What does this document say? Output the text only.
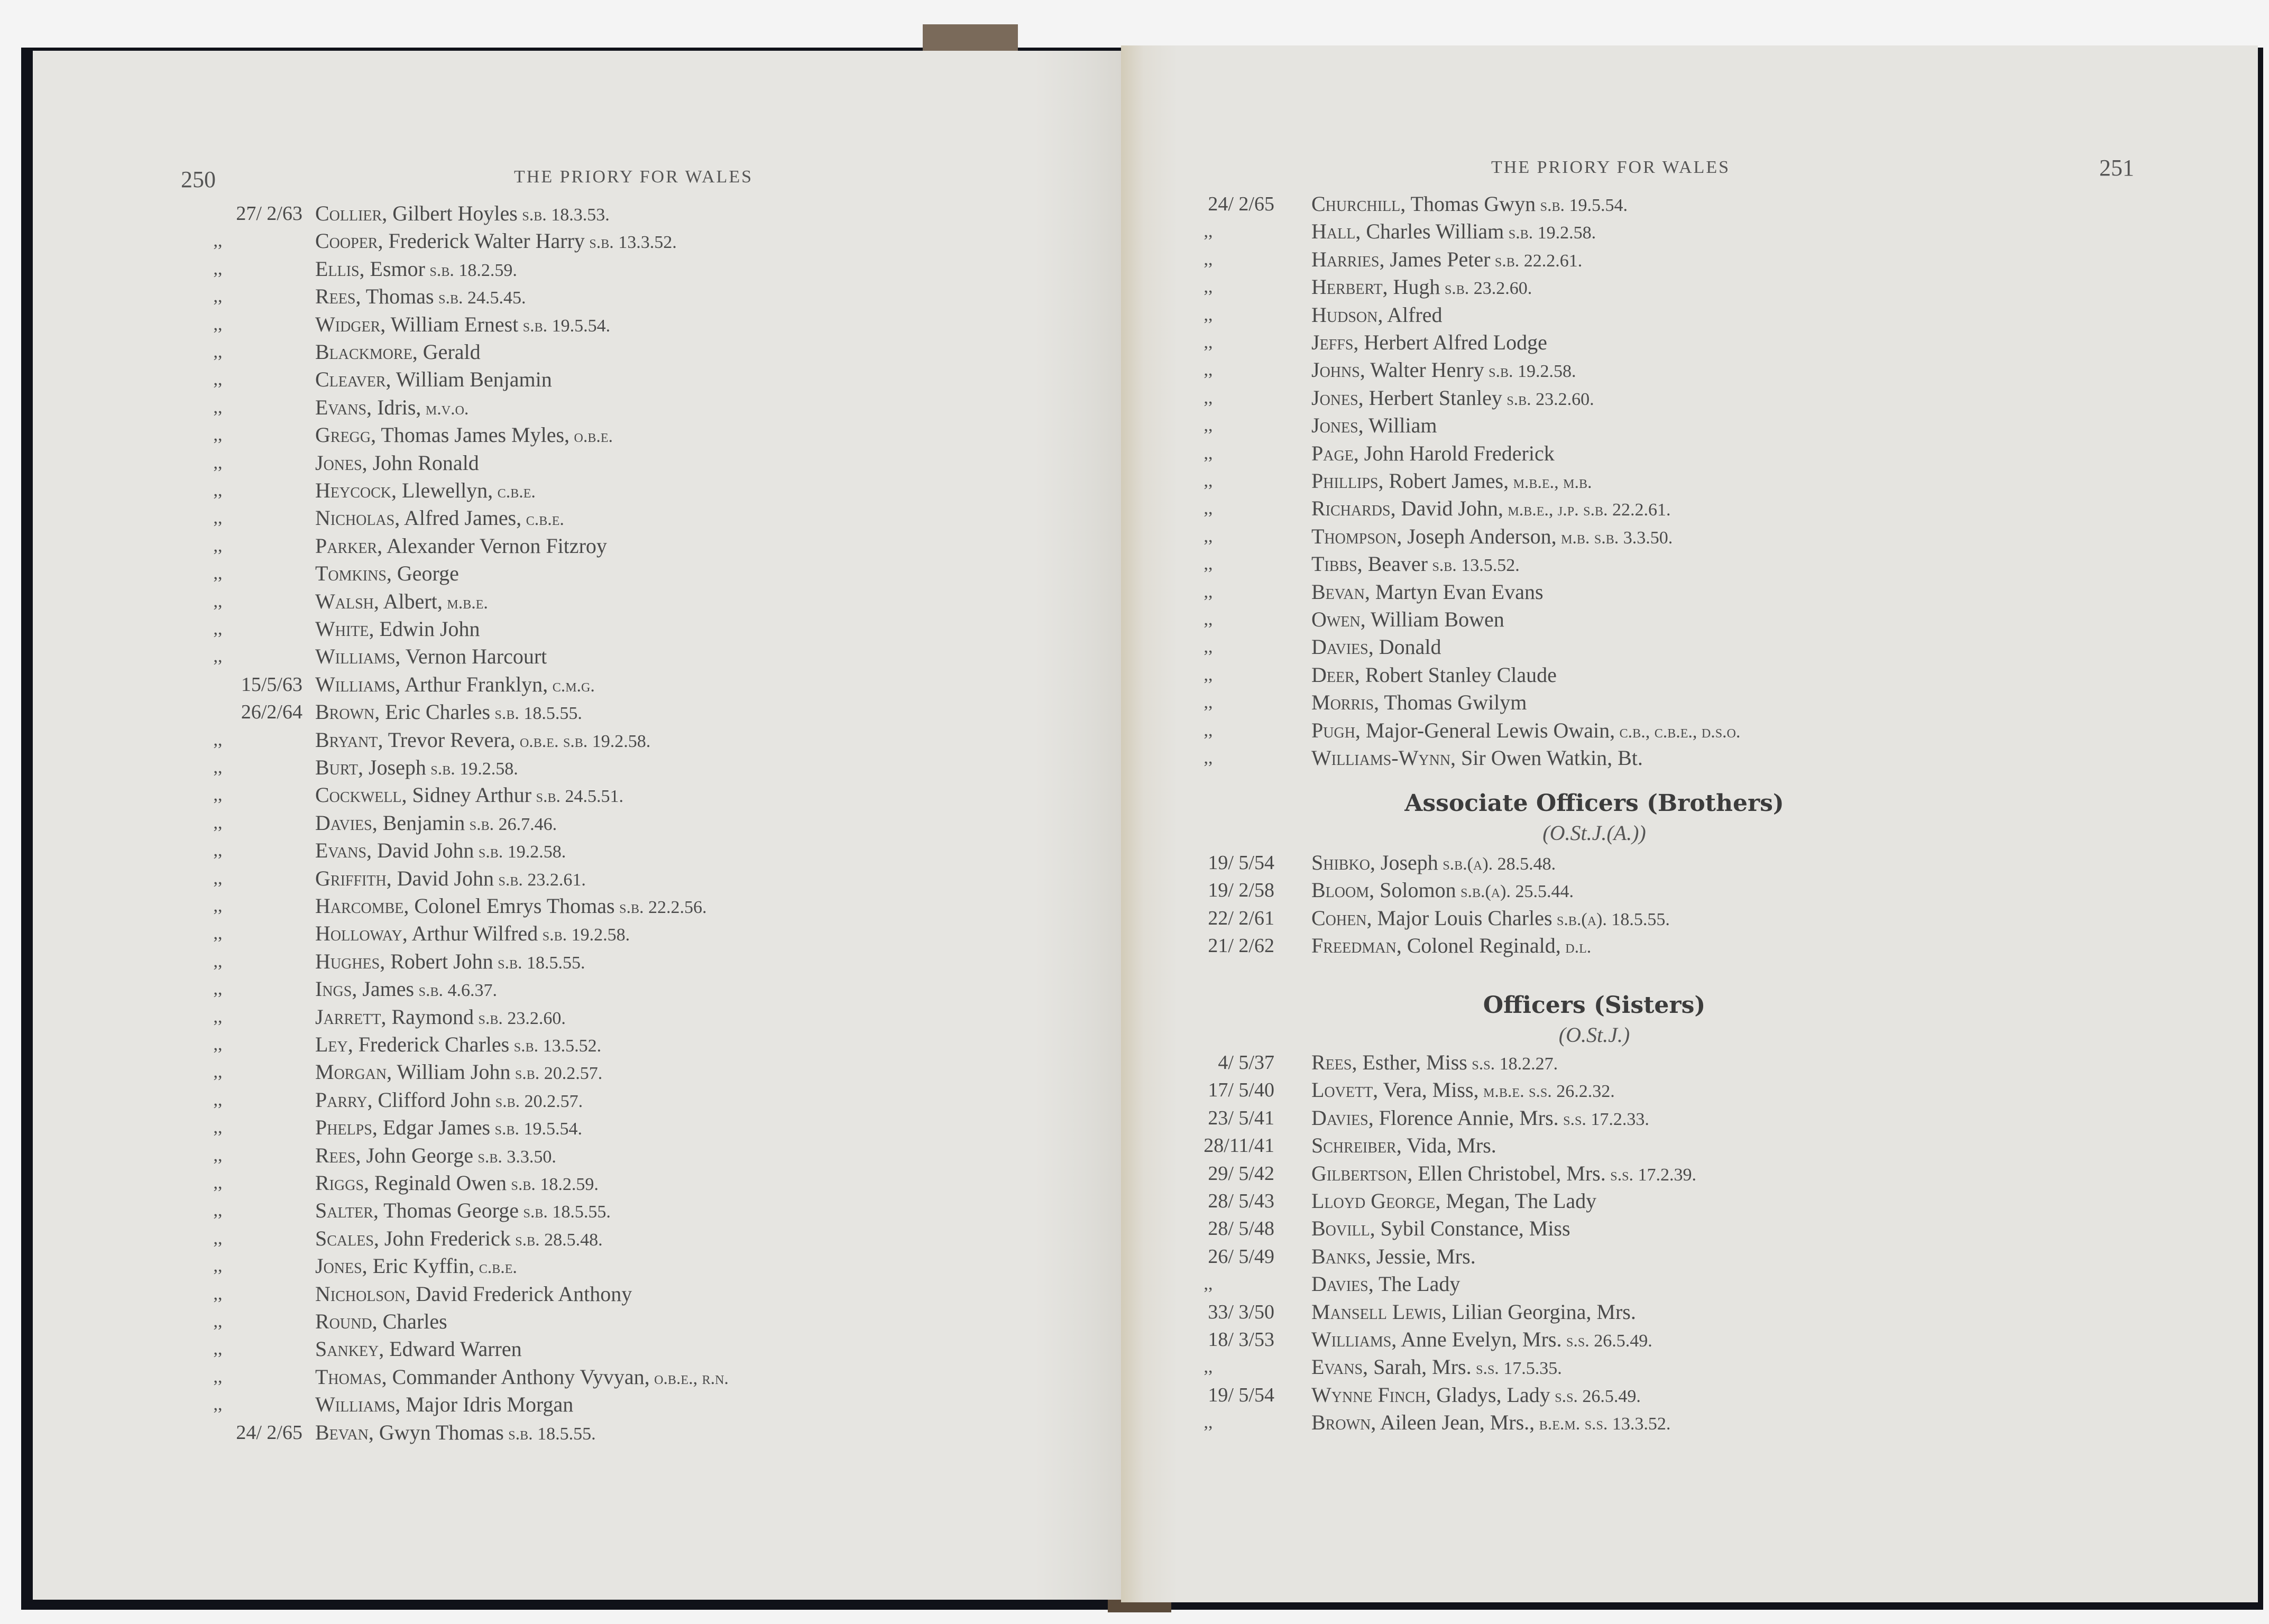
250	THE PRIORY FOR WALES
27/ 2/63 Collier, Gilbert Hoyles s.b. 18.3.53.
,,	Cooper, Frederick Walter Harry s.b. 13.3.52.
,,	Ellis, Esmor s.b. 18.2.59.
,,	Rees, Thomas s.b. 24.5.45.
,,	Widger, William Ernest s.b. 19.5.54.
,,	Blackmore, Gerald
,,	Cleaver, William Benjamin
,,	Evans, Idris, m.v.o.
,,	Gregg, Thomas James Myles, o.b.e.
,,	Jones, John Ronald
,,	Heycock, Llewellyn, c.b.e.
,,	Nicholas, Alfred James, c.b.e.
,,	Parker, Alexander Vernon Fitzroy
,,	Tomkins, George
,,	Walsh, Albert, m.b.e.
,,	White, Edwin John
,,	Williams, Vernon Harcourt
15/5/63 Williams, Arthur Franklyn, c.m.g.
26/2/64 Brown, Eric Charles s.b. 18.5.55.
,,	Bryant, Trevor Revera, o.b.e. s.b. 19.2.58.
,,	Burt, Joseph s.b. 19.2.58.
,,	Cockwell, Sidney Arthur s.b. 24.5.51.
,,	Davies, Benjamin s.b. 26.7.46.
,,	Evans, David John s.b. 19.2.58.
,,	Griffith, David John s.b. 23.2.61.
,,	Harcombe, Colonel Emrys Thomas s.b. 22.2.56.
,,	Holloway, Arthur Wilfred s.b. 19.2.58.
,,	Hughes, Robert John s.b. 18.5.55.
,,	Ings, James s.b. 4.6.37.
,,	Jarrett, Raymond s.b. 23.2.60.
,,	Ley, Frederick Charles s.b. 13.5.52.
,,	Morgan, William John s.b. 20.2.57.
,,	Parry, Clifford John s.b. 20.2.57.
,,	Phelps, Edgar James s.b. 19.5.54.
,,	Rees, John George s.b. 3.3.50.
,,	Riggs, Reginald Owen s.b. 18.2.59.
,,	Salter, Thomas George s.b. 18.5.55.
,,	Scales, John Frederick s.b. 28.5.48.
,,	Jones, Eric Kyffin, c.b.e.
,,	Nicholson, David Frederick Anthony
,,	Round, Charles
,,	Sankey, Edward Warren
,,	Thomas, Commander Anthony Vyvyan, o.b.e., r.n.
,,	Williams, Major Idris Morgan
24/ 2/65 Bevan, Gwyn Thomas s.b. 18.5.55.
THE PRIORY FOR WALES	251
24/ 2/65 Churchill, Thomas Gwyn s.b. 19.5.54.
,,	Hall, Charles William s.b. 19.2.58.
,,	Harries, James Peter s.b. 22.2.61.
,,	Herbert, Hugh s.b. 23.2.60.
,,	Hudson, Alfred
,,	Jeffs, Herbert Alfred Lodge
,,	Johns, Walter Henry s.b. 19.2.58.
,,	Jones, Herbert Stanley s.b. 23.2.60.
,,	Jones, William
,,	Page, John Harold Frederick
,,	Phillips, Robert James, m.b.e., m.b.
,,	Richards, David John, m.b.e., j.p. s.b. 22.2.61.
,,	Thompson, Joseph Anderson, m.b. s.b. 3.3.50.
,,	Tibbs, Beaver s.b. 13.5.52.
,,	Bevan, Martyn Evan Evans
,,	Owen, William Bowen
,,	Davies, Donald
,,	Deer, Robert Stanley Claude
,,	Morris, Thomas Gwilym
,,	Pugh, Major-General Lewis Owain, c.b., c.b.e., d.s.o.
,,	Williams-Wynn, Sir Owen Watkin, Bt.
Associate Officers (Brothers)
(O.St.J.(A.))
19/ 5/54 Shibko, Joseph s.b.(a). 28.5.48.
19/ 2/58 Bloom, Solomon s.b.(a). 25.5.44.
22/ 2/61 Cohen, Major Louis Charles s.b.(a). 18.5.55.
21/ 2/62 Freedman, Colonel Reginald, d.l.
Officers (Sisters)
(O.St.J.)
4/ 5/37 Rees, Esther, Miss s.s. 18.2.27.
17/ 5/40 Lovett, Vera, Miss, m.b.e. s.s. 26.2.32.
23/ 5/41 Davies, Florence Annie, Mrs. s.s. 17.2.33.
28/11/41 Schreiber, Vida, Mrs.
29/ 5/42 Gilbertson, Ellen Christobel, Mrs. s.s. 17.2.39.
28/ 5/43 Lloyd George, Megan, The Lady
28/ 5/48 Bovill, Sybil Constance, Miss
26/ 5/49 Banks, Jessie, Mrs.
,,	Davies, The Lady
33/ 3/50 Mansell Lewis, Lilian Georgina, Mrs.
18/ 3/53 Williams, Anne Evelyn, Mrs. s.s. 26.5.49.
,,	Evans, Sarah, Mrs. s.s. 17.5.35.
19/ 5/54 Wynne Finch, Gladys, Lady s.s. 26.5.49.
,,	Brown, Aileen Jean, Mrs., b.e.m. s.s. 13.3.52.
